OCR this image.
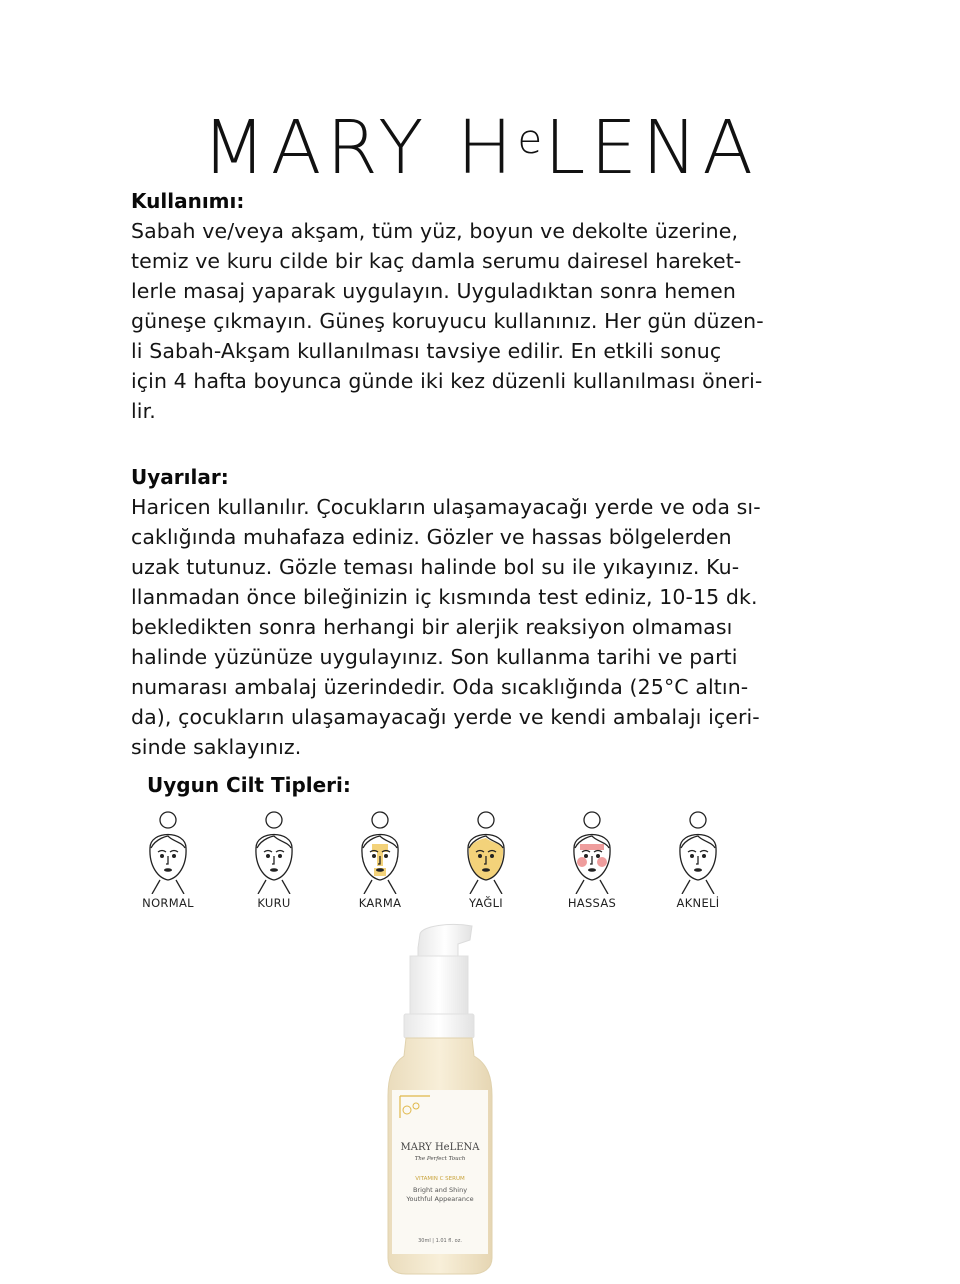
MARY $H^eLENA$

Kullanımı:

Sabah ve/veya akşam, tüm yüz, boyun ve dekolte üzerine,
temiz ve kuru cilde bir kaç damla serumu dairesel hareket-
lerle masaj yaparak uygulayın. Uyguladıktan sonra hemen
güneşe çıkmayın. Güneş koruyucu kullanınız. Her gün düzen-
li Sabah-Akşam kullanılması tavsiye edilir. En etkili sonuç
için 4 hafta boyunca günde iki kez düzenli kullanılması öneri-
lir.

Uyarılar:

Haricen kullanılır. Çocukların ulaşamayacağı yerde ve oda sı-
caklığında muhafaza ediniz. Gözler ve hassas bölgelerden
uzak tutunuz. Gözle teması halinde bol su ile yıkayınız. Ku-
llanmadan önce bileğinizin iç kısmında test ediniz, 10-15 dk.
bekledikten sonra herhangi bir alerjik reaksiyon olmaması
halinde yüzünüze uygulayınız. Son kullanma tarihi ve parti
numarası ambalaj üzerindedir. Oda sıcaklığında (25°C altın-
da), çocukların ulaşamayacağı yerde ve kendi ambalajı içeri-
sinde saklayınız.

Uygun Cilt Tipleri:

NORMAL	KURU	KARMA	YAĞLI	HASSAS	AKNELİ
MARY HeLENA
The Perfect Touch
VITAMIN C SERUM
Bright and Shiny
Youthful Appearance
30ml | 1.01 fl. oz.
